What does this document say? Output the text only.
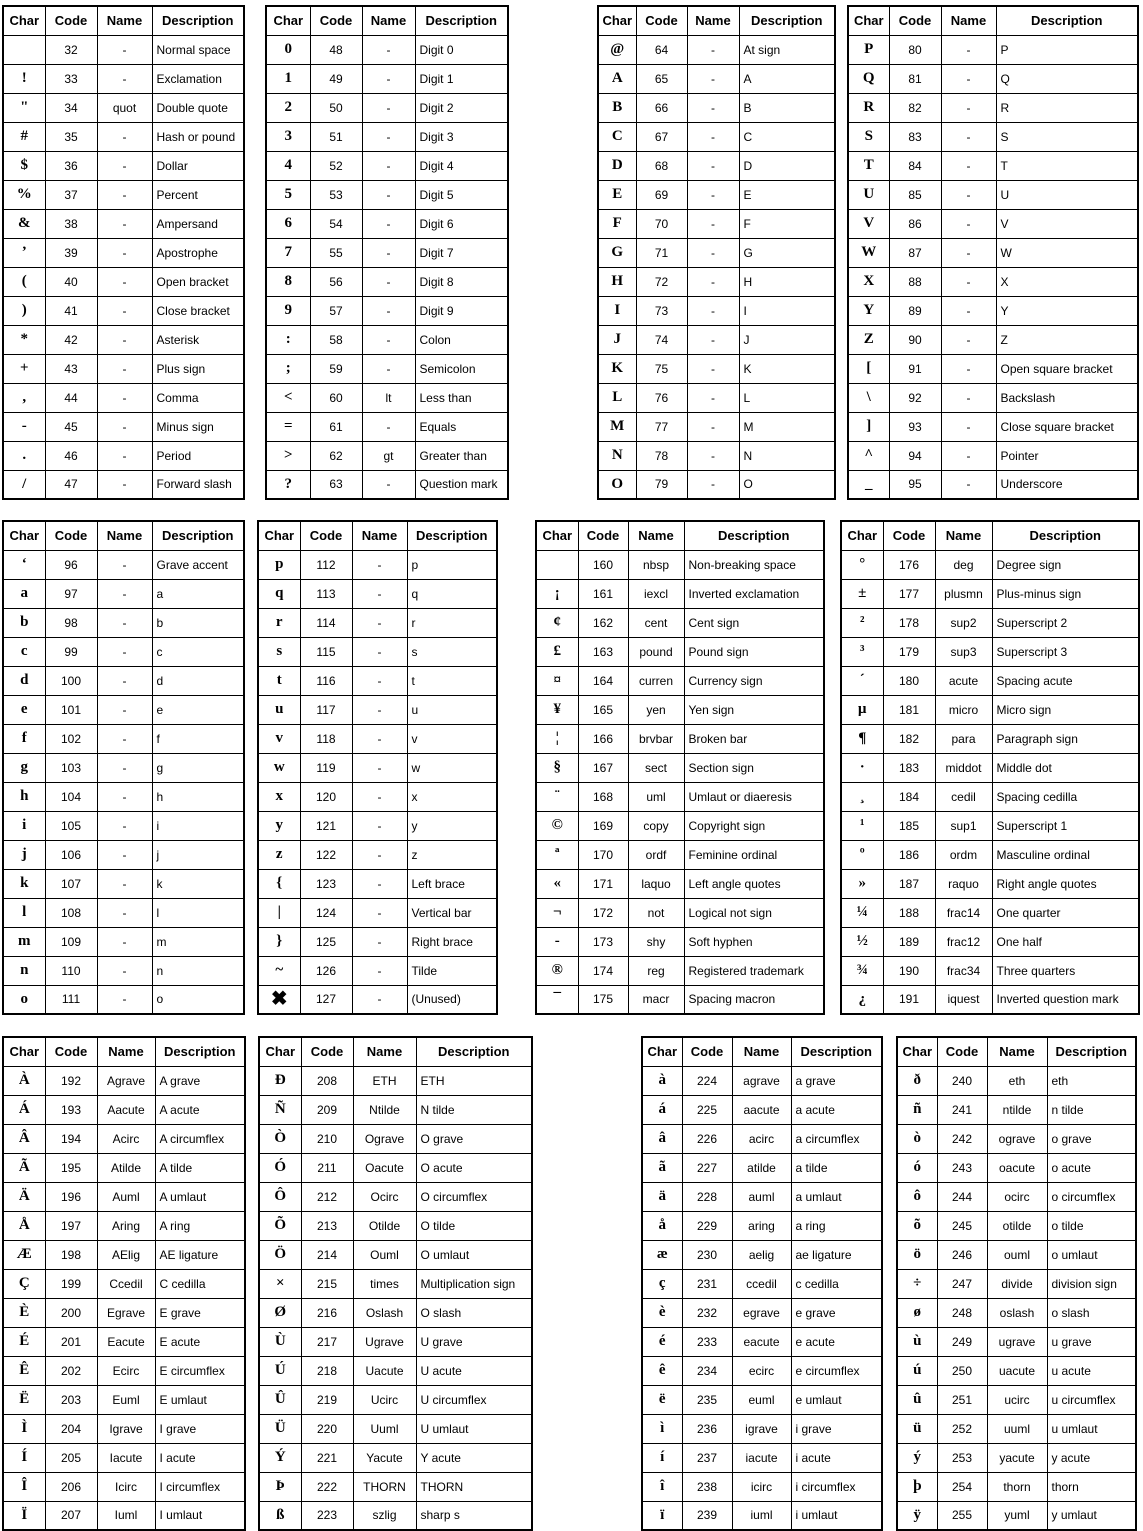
Char	Code	Name	Description
	32	-	Normal space
!	33	-	Exclamation
"	34	quot	Double quote
#	35	-	Hash or pound
$	36	-	Dollar
%	37	-	Percent
&	38	-	Ampersand
’	39	-	Apostrophe
(	40	-	Open bracket
)	41	-	Close bracket
*	42	-	Asterisk
+	43	-	Plus sign
,	44	-	Comma
-	45	-	Minus sign
.	46	-	Period
/	47	-	Forward slash
Char	Code	Name	Description
0	48	-	Digit 0
1	49	-	Digit 1
2	50	-	Digit 2
3	51	-	Digit 3
4	52	-	Digit 4
5	53	-	Digit 5
6	54	-	Digit 6
7	55	-	Digit 7
8	56	-	Digit 8
9	57	-	Digit 9
:	58	-	Colon
;	59	-	Semicolon
<	60	lt	Less than
=	61	-	Equals
>	62	gt	Greater than
?	63	-	Question mark
Char	Code	Name	Description
@	64	-	At sign
A	65	-	A
B	66	-	B
C	67	-	C
D	68	-	D
E	69	-	E
F	70	-	F
G	71	-	G
H	72	-	H
I	73	-	I
J	74	-	J
K	75	-	K
L	76	-	L
M	77	-	M
N	78	-	N
O	79	-	O
Char	Code	Name	Description
P	80	-	P
Q	81	-	Q
R	82	-	R
S	83	-	S
T	84	-	T
U	85	-	U
V	86	-	V
W	87	-	W
X	88	-	X
Y	89	-	Y
Z	90	-	Z
[	91	-	Open square bracket
\	92	-	Backslash
]	93	-	Close square bracket
^	94	-	Pointer
_	95	-	Underscore
Char	Code	Name	Description
‘	96	-	Grave accent
a	97	-	a
b	98	-	b
c	99	-	c
d	100	-	d
e	101	-	e
f	102	-	f
g	103	-	g
h	104	-	h
i	105	-	i
j	106	-	j
k	107	-	k
l	108	-	l
m	109	-	m
n	110	-	n
o	111	-	o
Char	Code	Name	Description
p	112	-	p
q	113	-	q
r	114	-	r
s	115	-	s
t	116	-	t
u	117	-	u
v	118	-	v
w	119	-	w
x	120	-	x
y	121	-	y
z	122	-	z
{	123	-	Left brace
|	124	-	Vertical bar
}	125	-	Right brace
~	126	-	Tilde
✖	127	-	(Unused)
Char	Code	Name	Description
	160	nbsp	Non-breaking space
¡	161	iexcl	Inverted exclamation
¢	162	cent	Cent sign
£	163	pound	Pound sign
¤	164	curren	Currency sign
¥	165	yen	Yen sign
¦	166	brvbar	Broken bar
§	167	sect	Section sign
¨	168	uml	Umlaut or diaeresis
©	169	copy	Copyright sign
ª	170	ordf	Feminine ordinal
«	171	laquo	Left angle quotes
¬	172	not	Logical not sign
-	173	shy	Soft hyphen
®	174	reg	Registered trademark
¯	175	macr	Spacing macron
Char	Code	Name	Description
°	176	deg	Degree sign
±	177	plusmn	Plus-minus sign
²	178	sup2	Superscript 2
³	179	sup3	Superscript 3
´	180	acute	Spacing acute
µ	181	micro	Micro sign
¶	182	para	Paragraph sign
·	183	middot	Middle dot
¸	184	cedil	Spacing cedilla
¹	185	sup1	Superscript 1
º	186	ordm	Masculine ordinal
»	187	raquo	Right angle quotes
¼	188	frac14	One quarter
½	189	frac12	One half
¾	190	frac34	Three quarters
¿	191	iquest	Inverted question mark
Char	Code	Name	Description
À	192	Agrave	A grave
Á	193	Aacute	A acute
Â	194	Acirc	A circumflex
Ã	195	Atilde	A tilde
Ä	196	Auml	A umlaut
Å	197	Aring	A ring
Æ	198	AElig	AE ligature
Ç	199	Ccedil	C cedilla
È	200	Egrave	E grave
É	201	Eacute	E acute
Ê	202	Ecirc	E circumflex
Ë	203	Euml	E umlaut
Ì	204	Igrave	I grave
Í	205	Iacute	I acute
Î	206	Icirc	I circumflex
Ï	207	Iuml	I umlaut
Char	Code	Name	Description
Ð	208	ETH	ETH
Ñ	209	Ntilde	N tilde
Ò	210	Ograve	O grave
Ó	211	Oacute	O acute
Ô	212	Ocirc	O circumflex
Õ	213	Otilde	O tilde
Ö	214	Ouml	O umlaut
×	215	times	Multiplication sign
Ø	216	Oslash	O slash
Ù	217	Ugrave	U grave
Ú	218	Uacute	U acute
Û	219	Ucirc	U circumflex
Ü	220	Uuml	U umlaut
Ý	221	Yacute	Y acute
Þ	222	THORN	THORN
ß	223	szlig	sharp s
Char	Code	Name	Description
à	224	agrave	a grave
á	225	aacute	a acute
â	226	acirc	a circumflex
ã	227	atilde	a tilde
ä	228	auml	a umlaut
å	229	aring	a ring
æ	230	aelig	ae ligature
ç	231	ccedil	c cedilla
è	232	egrave	e grave
é	233	eacute	e acute
ê	234	ecirc	e circumflex
ë	235	euml	e umlaut
ì	236	igrave	i grave
í	237	iacute	i acute
î	238	icirc	i circumflex
ï	239	iuml	i umlaut
Char	Code	Name	Description
ð	240	eth	eth
ñ	241	ntilde	n tilde
ò	242	ograve	o grave
ó	243	oacute	o acute
ô	244	ocirc	o circumflex
õ	245	otilde	o tilde
ö	246	ouml	o umlaut
÷	247	divide	division sign
ø	248	oslash	o slash
ù	249	ugrave	u grave
ú	250	uacute	u acute
û	251	ucirc	u circumflex
ü	252	uuml	u umlaut
ý	253	yacute	y acute
þ	254	thorn	thorn
ÿ	255	yuml	y umlaut
